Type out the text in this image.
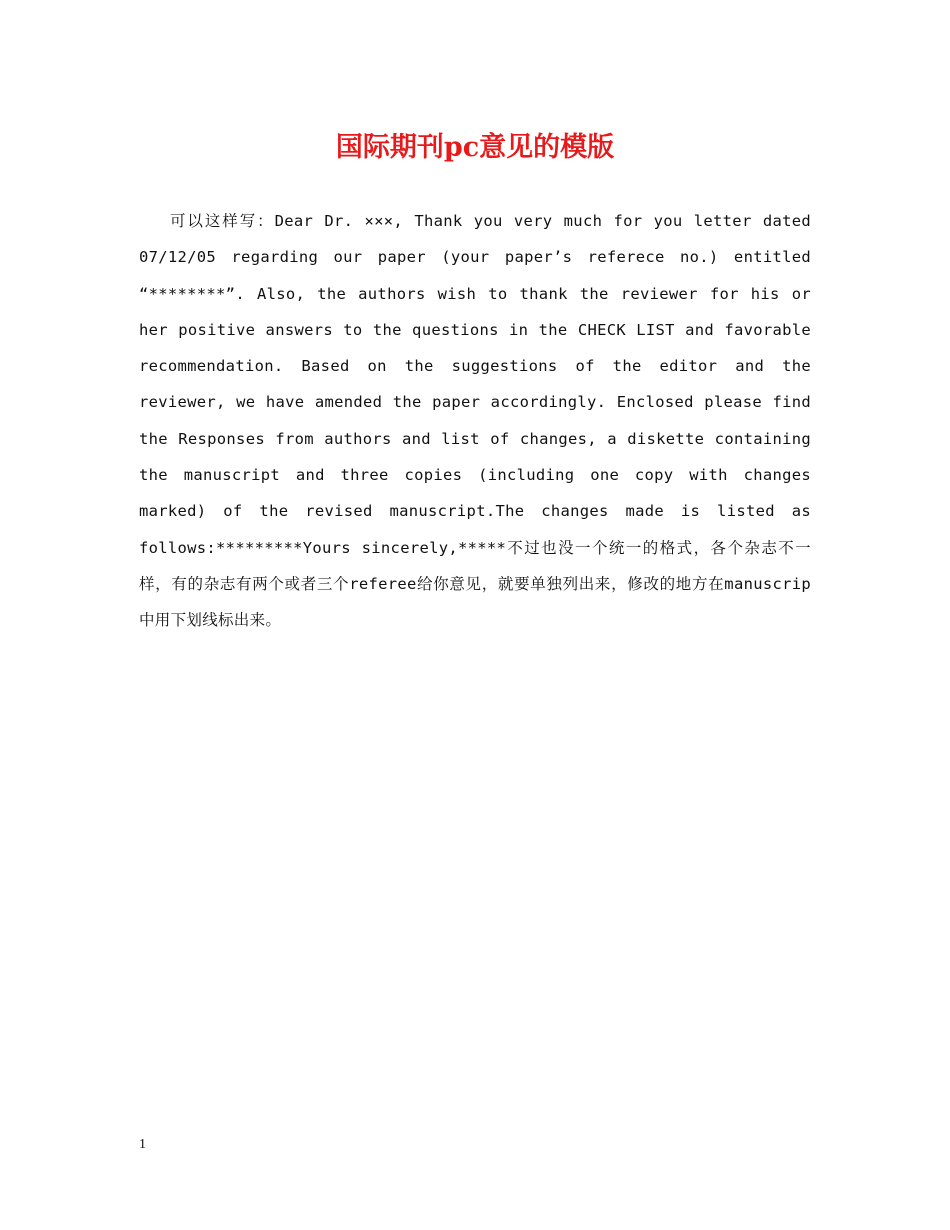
国际期刊pc意见的模版

可以这样写：Dear Dr. ×××, Thank you very much for you letter dated 07/12/05 regarding our paper (your paper’s referece no.) entitled “********”. Also, the authors wish to thank the reviewer for his or her positive answers to the questions in the CHECK LIST and favorable recommendation. Based on the suggestions of the editor and the reviewer, we have amended the paper accordingly. Enclosed please find the Responses from authors and list of changes, a diskette containing the manuscript and three copies (including one copy with changes marked) of the revised manuscript.The changes made is listed as follows:*********Yours sincerely,*****不过也没一个统一的格式，各个杂志不一样，有的杂志有两个或者三个referee给你意见，就要单独列出来，修改的地方在manuscrip中用下划线标出来。

1
